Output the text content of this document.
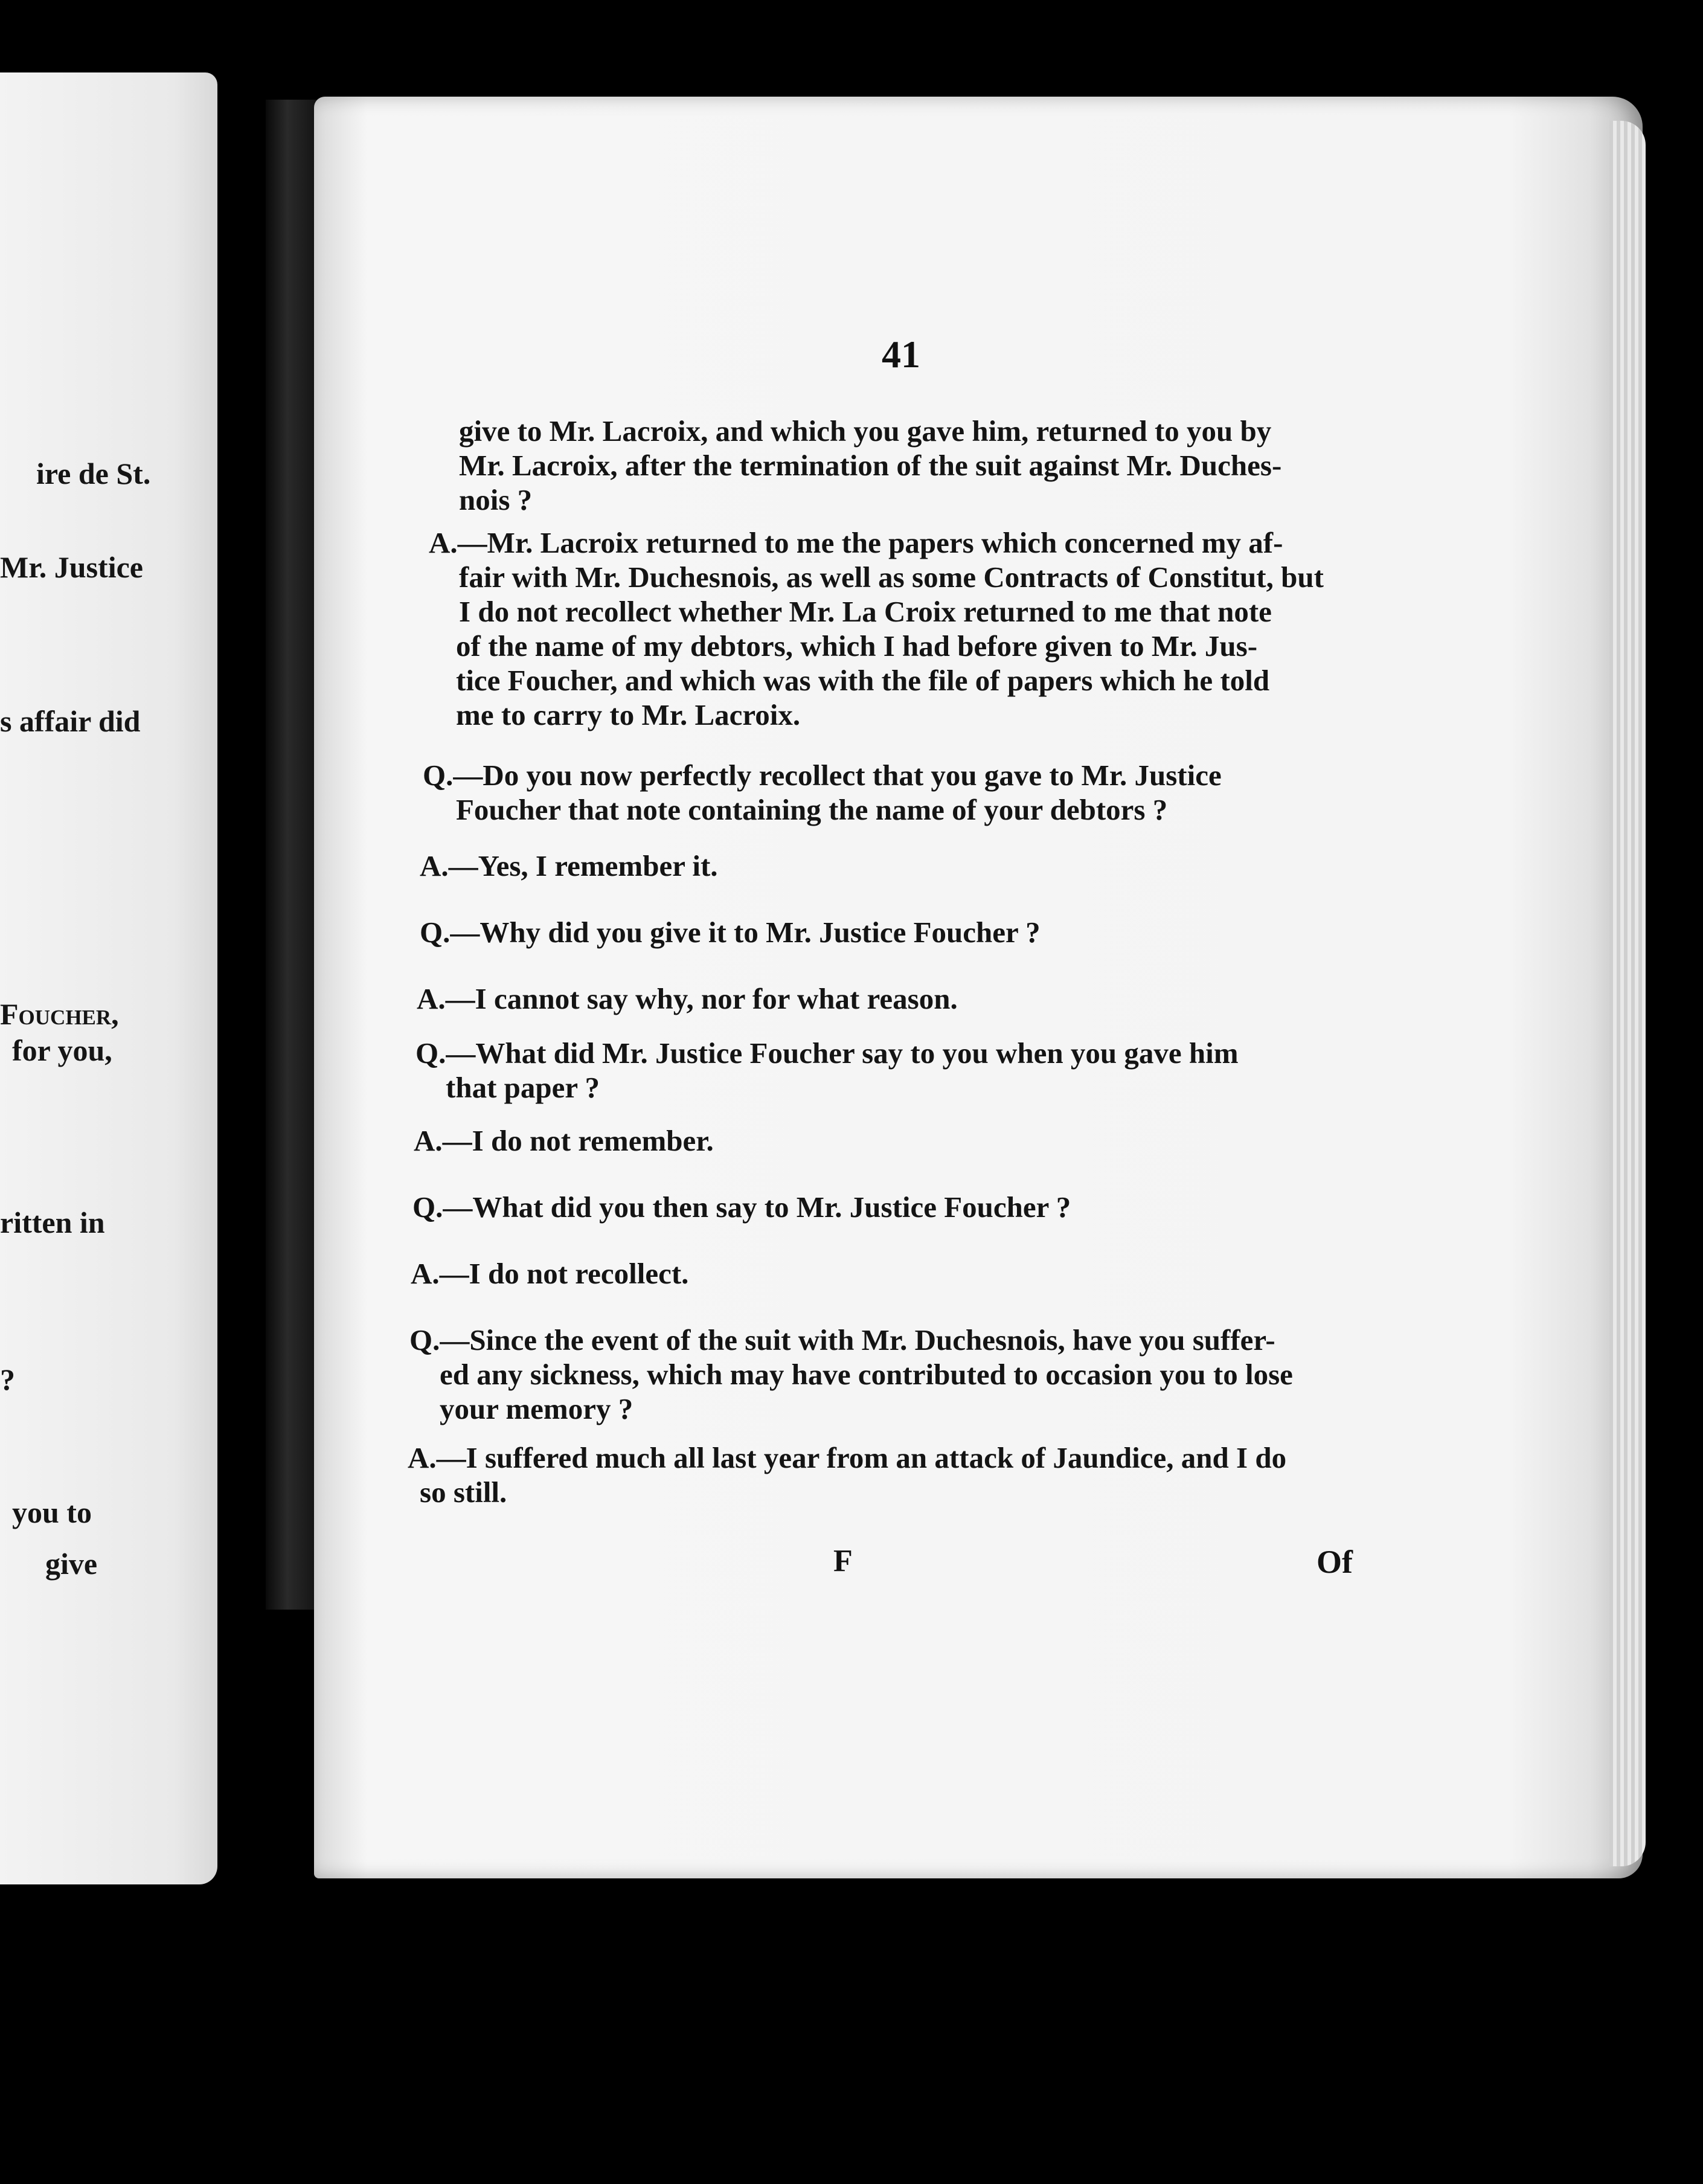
ire de St.
Mr. Justice
s affair did
Foucher,
for you,
ritten in
?
you to
give
41
give to Mr. Lacroix, and which you gave him, returned to you by
Mr. Lacroix, after the termination of the suit against Mr. Duches-
nois ?
A.—Mr. Lacroix returned to me the papers which concerned my af-
fair with Mr. Duchesnois, as well as some Contracts of Constitut, but
I do not recollect whether Mr. La Croix returned to me that note
of the name of my debtors, which I had before given to Mr. Jus-
tice Foucher, and which was with the file of papers which he told
me to carry to Mr. Lacroix.
Q.—Do you now perfectly recollect that you gave to Mr. Justice
Foucher that note containing the name of your debtors ?
A.—Yes, I remember it.
Q.—Why did you give it to Mr. Justice Foucher ?
A.—I cannot say why, nor for what reason.
Q.—What did Mr. Justice Foucher say to you when you gave him
that paper ?
A.—I do not remember.
Q.—What did you then say to Mr. Justice Foucher ?
A.—I do not recollect.
Q.—Since the event of the suit with Mr. Duchesnois, have you suffer-
ed any sickness, which may have contributed to occasion you to lose
your memory ?
A.—I suffered much all last year from an attack of Jaundice, and I do
so still.
F	Of
